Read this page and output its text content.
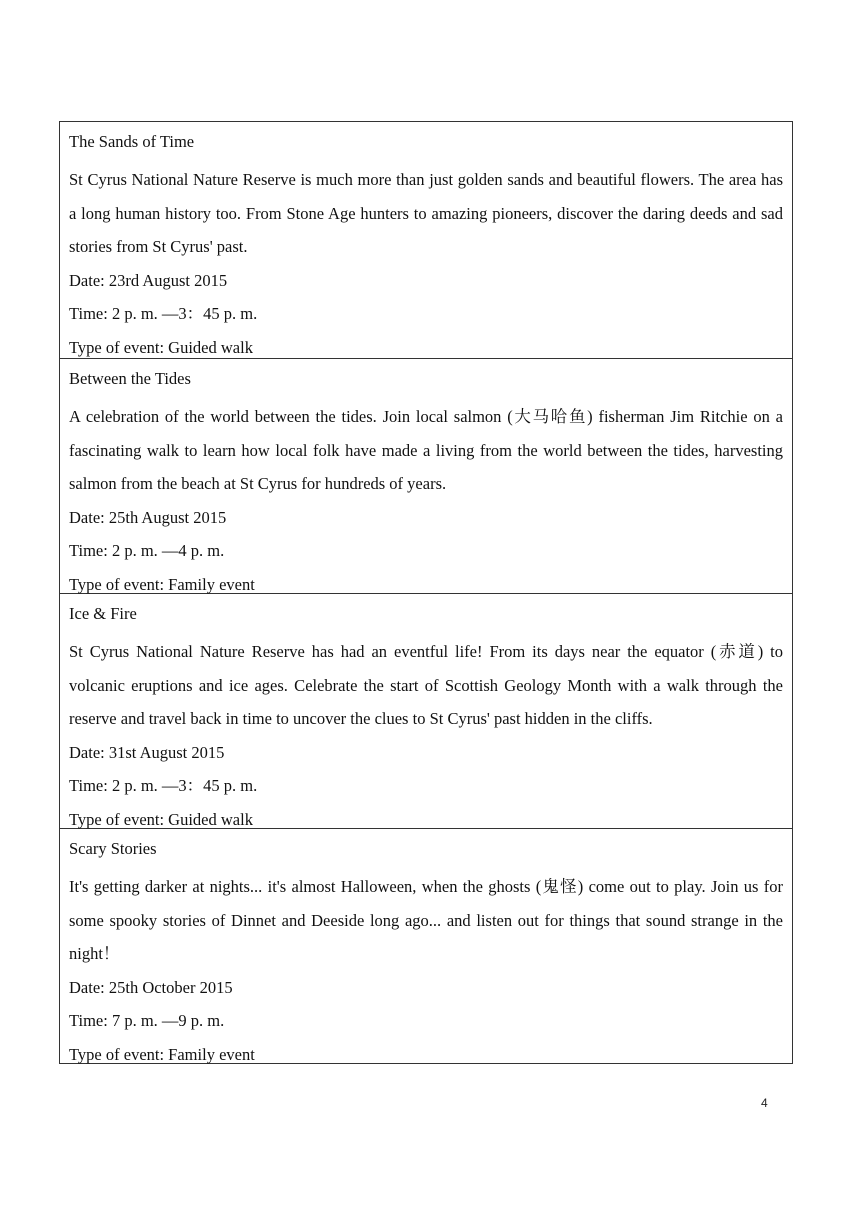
The Sands of Time

St Cyrus National Nature Reserve is much more than just golden sands and beautiful flowers. The area has a long human history too. From Stone Age hunters to amazing pioneers, discover the daring deeds and sad stories from St Cyrus' past.

Date: 23rd August 2015

Time: 2 p. m. —3：45 p. m.

Type of event: Guided walk

Between the Tides

A celebration of the world between the tides. Join local salmon (大马哈鱼) fisherman Jim Ritchie on a fascinating walk to learn how local folk have made a living from the world between the tides, harvesting salmon from the beach at St Cyrus for hundreds of years.

Date: 25th August 2015

Time: 2 p. m. —4 p. m.

Type of event: Family event

Ice & Fire

St Cyrus National Nature Reserve has had an eventful life! From its days near the equator (赤道) to volcanic eruptions and ice ages. Celebrate the start of Scottish Geology Month with a walk through the reserve and travel back in time to uncover the clues to St Cyrus' past hidden in the cliffs.

Date: 31st August 2015

Time: 2 p. m. —3：45 p. m.

Type of event: Guided walk

Scary Stories

It's getting darker at nights... it's almost Halloween, when the ghosts (鬼怪) come out to play. Join us for some spooky stories of Dinnet and Deeside long ago... and listen out for things that sound strange in the night！

Date: 25th October 2015

Time: 7 p. m. —9 p. m.

Type of event: Family event

4
